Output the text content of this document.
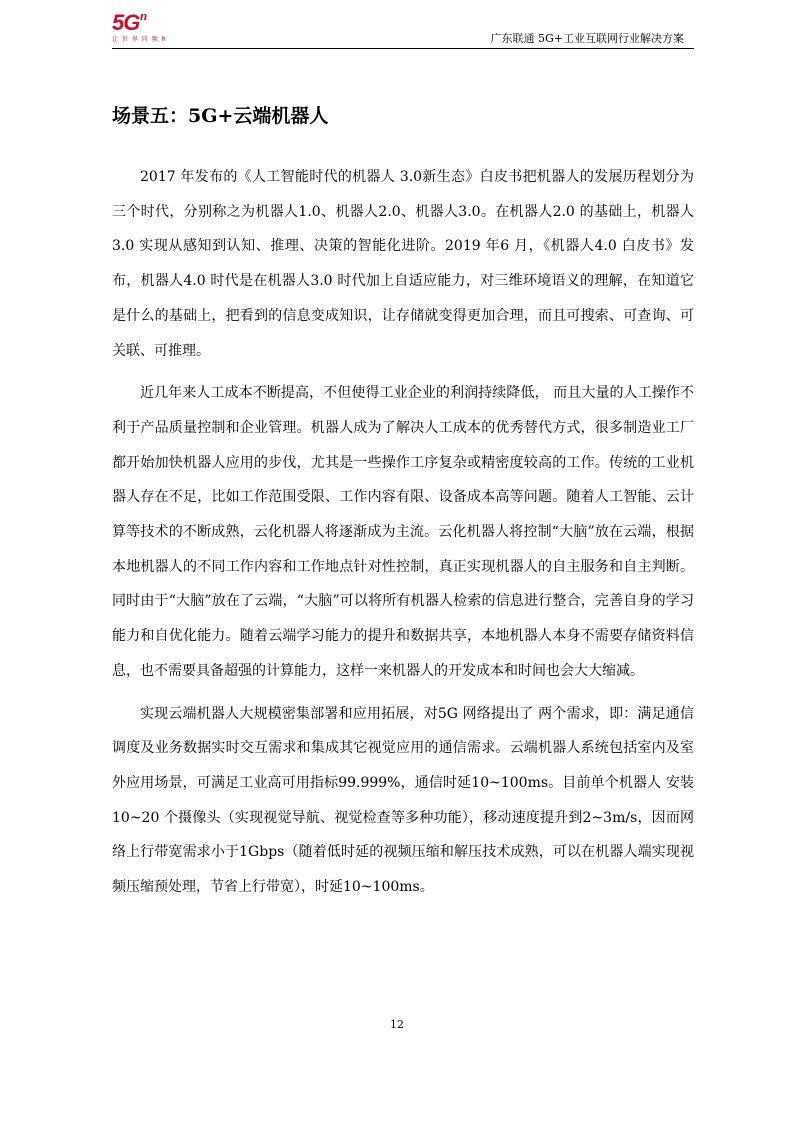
5G n
让 世 界 同 频 R	广东联通 5G+工业互联网行业解决方案
场景五：5G+云端机器人

2017 年发布的《人工智能时代的机器人 3.0新生态》白皮书把机器人的发展历程划分为三个时代，分别称之为机器人1.0、机器人2.0、机器人3.0。在机器人2.0 的基础上，机器人3.0 实现从感知到认知、推理、决策的智能化进阶。2019 年6 月，《机器人4.0 白皮书》发布，机器人4.0 时代是在机器人3.0 时代加上自适应能力，对三维环境语义的理解，在知道它是什么的基础上，把看到的信息变成知识，让存储就变得更加合理，而且可搜索、可查询、可关联、可推理。

近几年来人工成本不断提高，不但使得工业企业的利润持续降低， 而且大量的人工操作不利于产品质量控制和企业管理。机器人成为了解决人工成本的优秀替代方式，很多制造业工厂都开始加快机器人应用的步伐，尤其是一些操作工序复杂或精密度较高的工作。传统的工业机器人存在不足，比如工作范围受限、工作内容有限、设备成本高等问题。随着人工智能、云计算等技术的不断成熟，云化机器人将逐渐成为主流。云化机器人将控制“大脑”放在云端，根据本地机器人的不同工作内容和工作地点针对性控制，真正实现机器人的自主服务和自主判断。同时由于“大脑”放在了云端，“大脑”可以将所有机器人检索的信息进行整合，完善自身的学习能力和自优化能力。随着云端学习能力的提升和数据共享，本地机器人本身不需要存储资料信息，也不需要具备超强的计算能力，这样一来机器人的开发成本和时间也会大大缩减。

实现云端机器人大规模密集部署和应用拓展，对5G 网络提出了 两个需求，即：满足通信调度及业务数据实时交互需求和集成其它视觉应用的通信需求。云端机器人系统包括室内及室外应用场景，可满足工业高可用指标99.999%，通信时延10~100ms。目前单个机器人 安装10~20 个摄像头（实现视觉导航、视觉检查等多种功能），移动速度提升到2~3m/s，因而网络上行带宽需求小于1Gbps（随着低时延的视频压缩和解压技术成熟，可以在机器人端实现视频压缩预处理，节省上行带宽），时延10~100ms。

12
